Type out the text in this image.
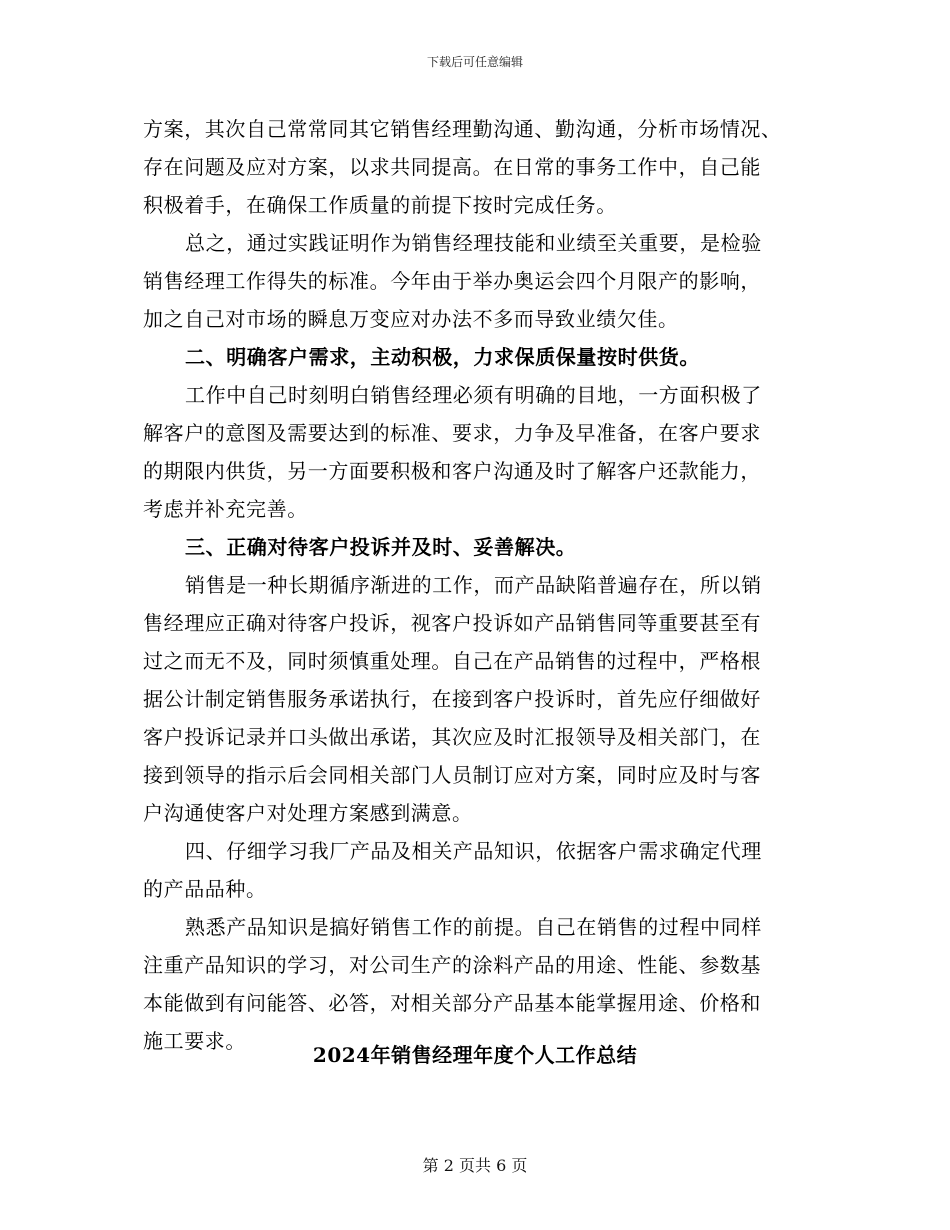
下载后可任意编辑
方案，其次自己常常同其它销售经理勤沟通、勤沟通，分析市场情况、
存在问题及应对方案，以求共同提高。在日常的事务工作中，自己能
积极着手，在确保工作质量的前提下按时完成任务。
总之，通过实践证明作为销售经理技能和业绩至关重要，是检验
销售经理工作得失的标准。今年由于举办奥运会四个月限产的影响，
加之自己对市场的瞬息万变应对办法不多而导致业绩欠佳。
二、明确客户需求，主动积极，力求保质保量按时供货。
工作中自己时刻明白销售经理必须有明确的目地，一方面积极了
解客户的意图及需要达到的标准、要求，力争及早准备，在客户要求
的期限内供货，另一方面要积极和客户沟通及时了解客户还款能力，
考虑并补充完善。
三、正确对待客户投诉并及时、妥善解决。
销售是一种长期循序渐进的工作，而产品缺陷普遍存在，所以销
售经理应正确对待客户投诉，视客户投诉如产品销售同等重要甚至有
过之而无不及，同时须慎重处理。自己在产品销售的过程中，严格根
据公计制定销售服务承诺执行，在接到客户投诉时，首先应仔细做好
客户投诉记录并口头做出承诺，其次应及时汇报领导及相关部门，在
接到领导的指示后会同相关部门人员制订应对方案，同时应及时与客
户沟通使客户对处理方案感到满意。
四、仔细学习我厂产品及相关产品知识，依据客户需求确定代理
的产品品种。
熟悉产品知识是搞好销售工作的前提。自己在销售的过程中同样
注重产品知识的学习，对公司生产的涂料产品的用途、性能、参数基
本能做到有问能答、必答，对相关部分产品基本能掌握用途、价格和
施工要求。
2024年销售经理年度个人工作总结
第 2 页共 6 页
